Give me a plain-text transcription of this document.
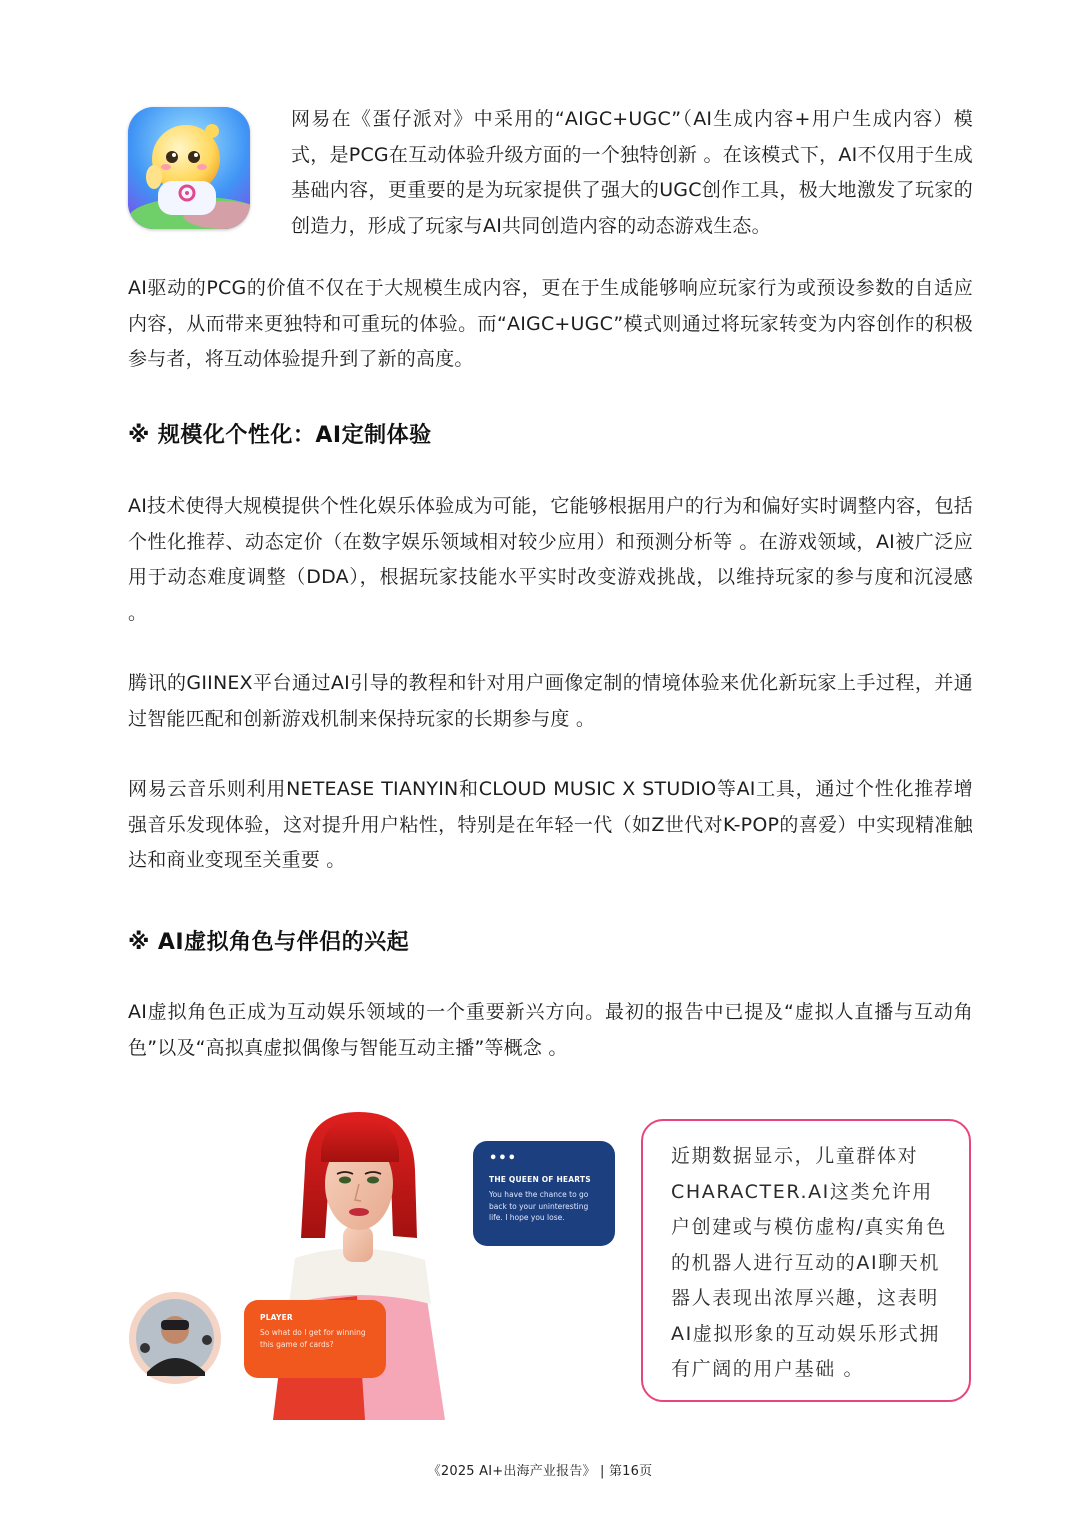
网易在《蛋仔派对》中采用的“AIGC+UGC”（AI生成内容+用户生成内容）模式，是PCG在互动体验升级方面的一个独特创新 。在该模式下，AI不仅用于生成基础内容，更重要的是为玩家提供了强大的UGC创作工具，极大地激发了玩家的创造力，形成了玩家与AI共同创造内容的动态游戏生态。

AI驱动的PCG的价值不仅在于大规模生成内容，更在于生成能够响应玩家行为或预设参数的自适应内容，从而带来更独特和可重玩的体验。而“AIGC+UGC”模式则通过将玩家转变为内容创作的积极参与者，将互动体验提升到了新的高度。

※ 规模化个性化：AI定制体验

AI技术使得大规模提供个性化娱乐体验成为可能，它能够根据用户的行为和偏好实时调整内容，包括个性化推荐、动态定价（在数字娱乐领域相对较少应用）和预测分析等 。在游戏领域，AI被广泛应用于动态难度调整（DDA），根据玩家技能水平实时改变游戏挑战，以维持玩家的参与度和沉浸感 。

腾讯的GIINEX平台通过AI引导的教程和针对用户画像定制的情境体验来优化新玩家上手过程，并通过智能匹配和创新游戏机制来保持玩家的长期参与度 。

网易云音乐则利用NETEASE TIANYIN和CLOUD MUSIC X STUDIO等AI工具，通过个性化推荐增强音乐发现体验，这对提升用户粘性，特别是在年轻一代（如Z世代对K-POP的喜爱）中实现精准触达和商业变现至关重要 。

※ AI虚拟角色与伴侣的兴起

AI虚拟角色正成为互动娱乐领域的一个重要新兴方向。最初的报告中已提及“虚拟人直播与互动角色”以及“高拟真虚拟偶像与智能互动主播”等概念 。

•••
THE QUEEN OF HEARTS
You have the chance to go back to your uninteresting life. I hope you lose.
PLAYER
So what do I get for winning this game of cards?

近期数据显示，儿童群体对CHARACTER.AI这类允许用户创建或与模仿虚构/真实角色的机器人进行互动的AI聊天机器人表现出浓厚兴趣，这表明AI虚拟形象的互动娱乐形式拥有广阔的用户基础 。

《2025 AI+出海产业报告》 | 第16页
